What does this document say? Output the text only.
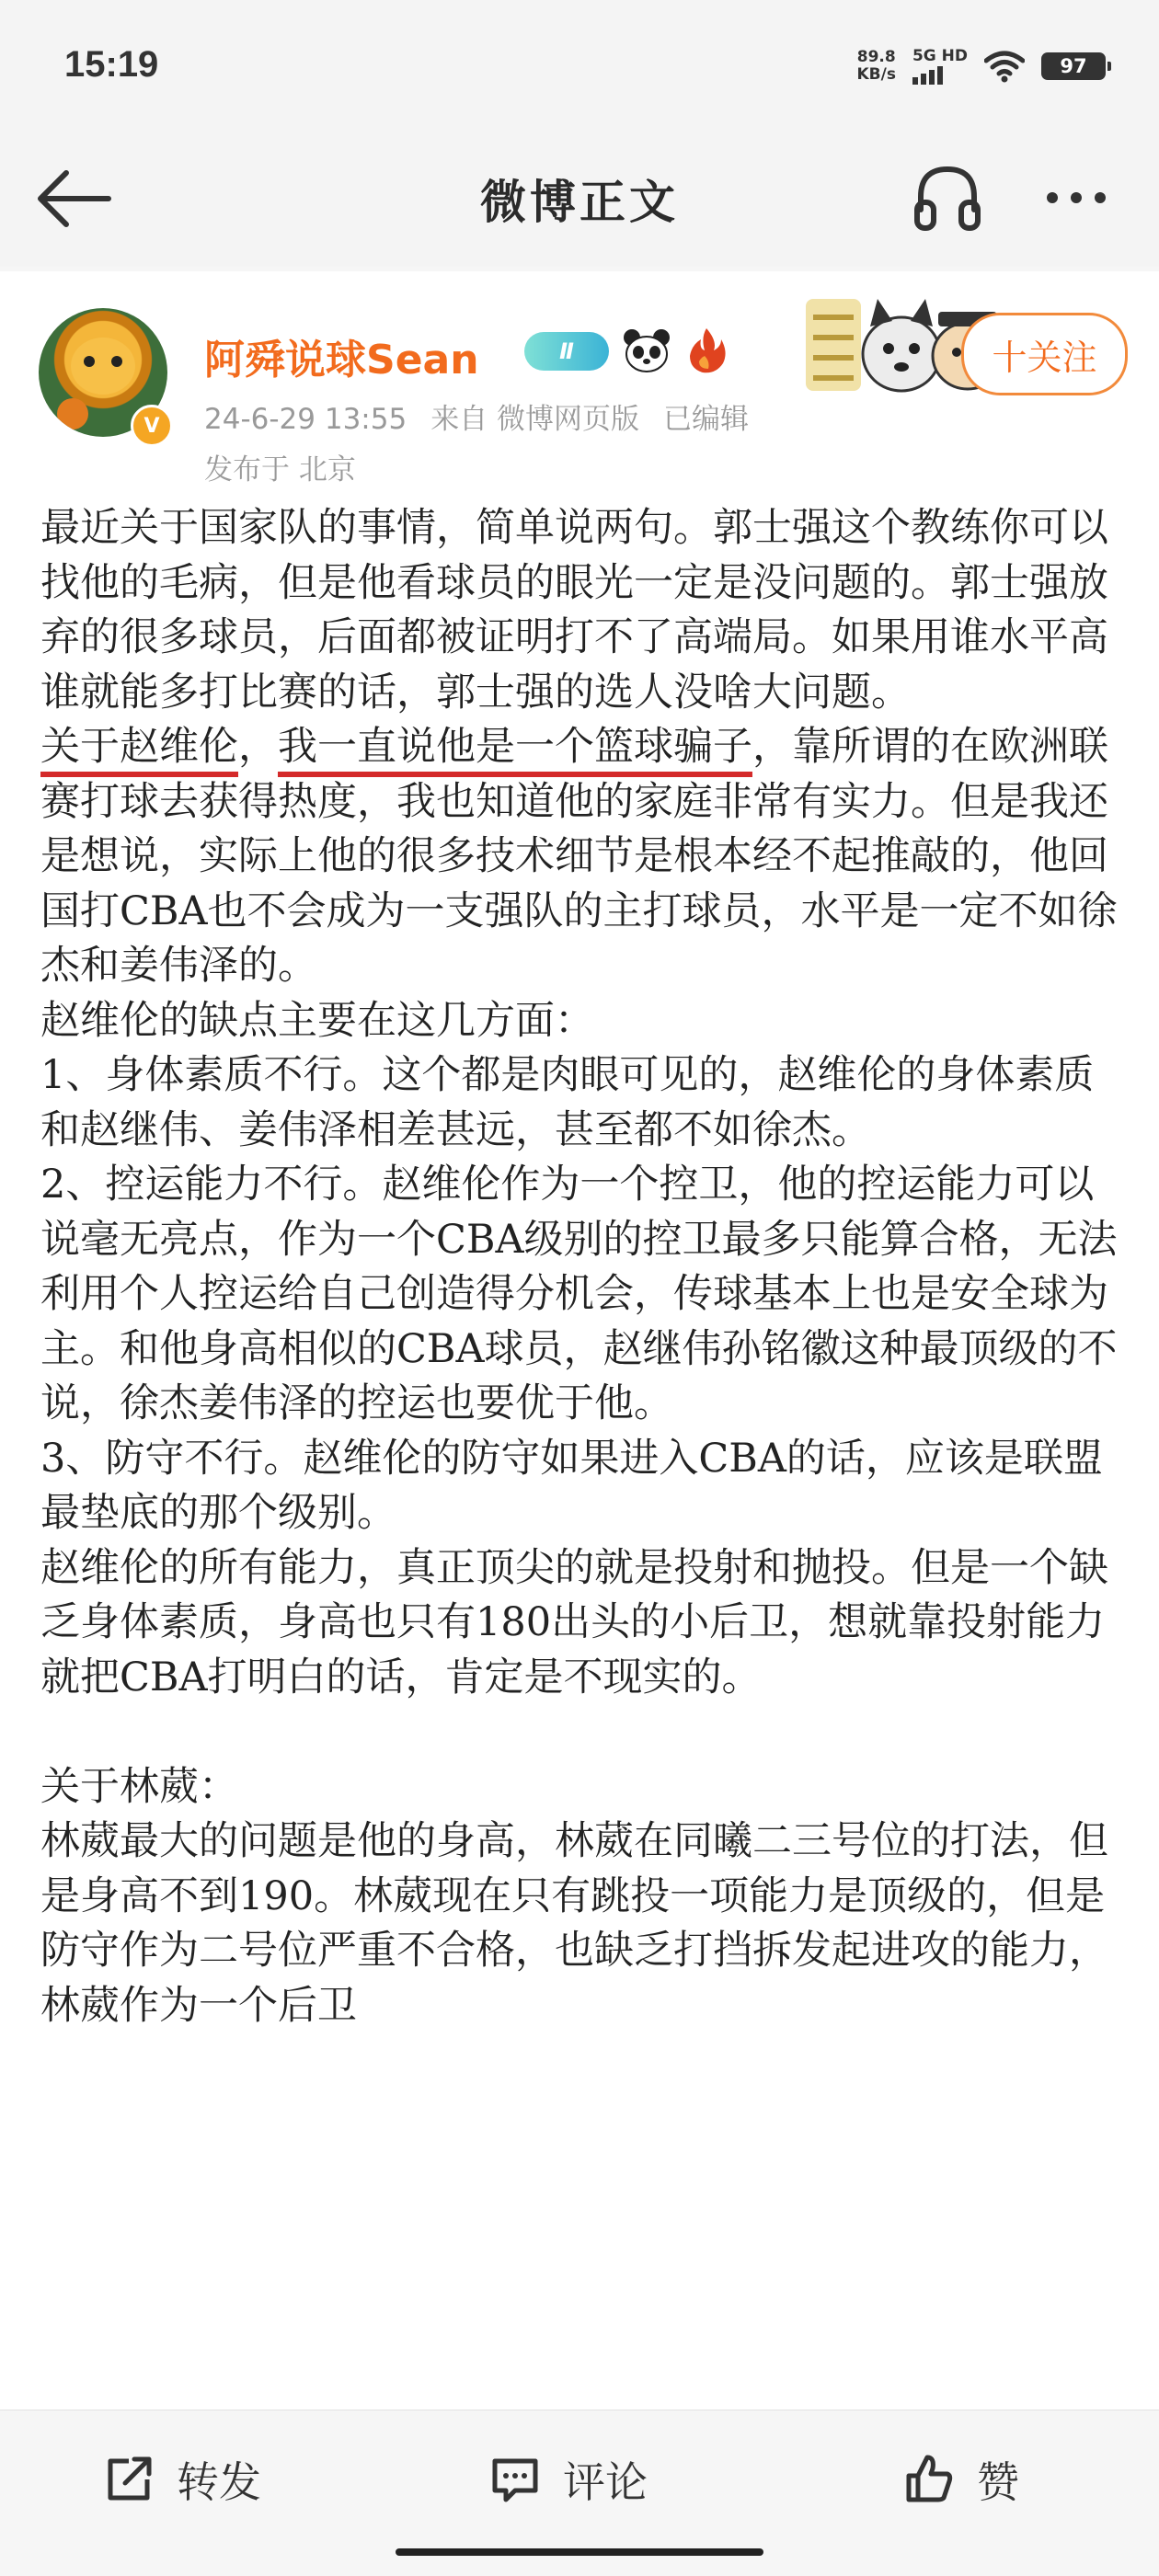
15:19	89.8
KB/s
5G HD	97
微博正文
V
阿舜说球Sean	Ⅱ	十关注
24-6-29 13:55 来自 微博网页版 已编辑
发布于 北京

最近关于国家队的事情，简单说两句。郭士强这个教练你可以找他的毛病，但是他看球员的眼光一定是没问题的。郭士强放弃的很多球员，后面都被证明打不了高端局。如果用谁水平高谁就能多打比赛的话，郭士强的选人没啥大问题。

关于赵维伦，我一直说他是一个篮球骗子，靠所谓的在欧洲联赛打球去获得热度，我也知道他的家庭非常有实力。但是我还是想说，实际上他的很多技术细节是根本经不起推敲的，他回国打CBA也不会成为一支强队的主打球员，水平是一定不如徐杰和姜伟泽的。

赵维伦的缺点主要在这几方面：

1、身体素质不行。这个都是肉眼可见的，赵维伦的身体素质和赵继伟、姜伟泽相差甚远，甚至都不如徐杰。

2、控运能力不行。赵维伦作为一个控卫，他的控运能力可以说毫无亮点，作为一个CBA级别的控卫最多只能算合格，无法利用个人控运给自己创造得分机会，传球基本上也是安全球为主。和他身高相似的CBA球员，赵继伟孙铭徽这种最顶级的不说，徐杰姜伟泽的控运也要优于他。

3、防守不行。赵维伦的防守如果进入CBA的话，应该是联盟最垫底的那个级别。

赵维伦的所有能力，真正顶尖的就是投射和抛投。但是一个缺乏身体素质，身高也只有180出头的小后卫，想就靠投射能力就把CBA打明白的话，肯定是不现实的。

关于林葳：

林葳最大的问题是他的身高，林葳在同曦二三号位的打法，但是身高不到190。林葳现在只有跳投一项能力是顶级的，但是防守作为二号位严重不合格，也缺乏打挡拆发起进攻的能力，林葳作为一个后卫

转发	评论	赞
